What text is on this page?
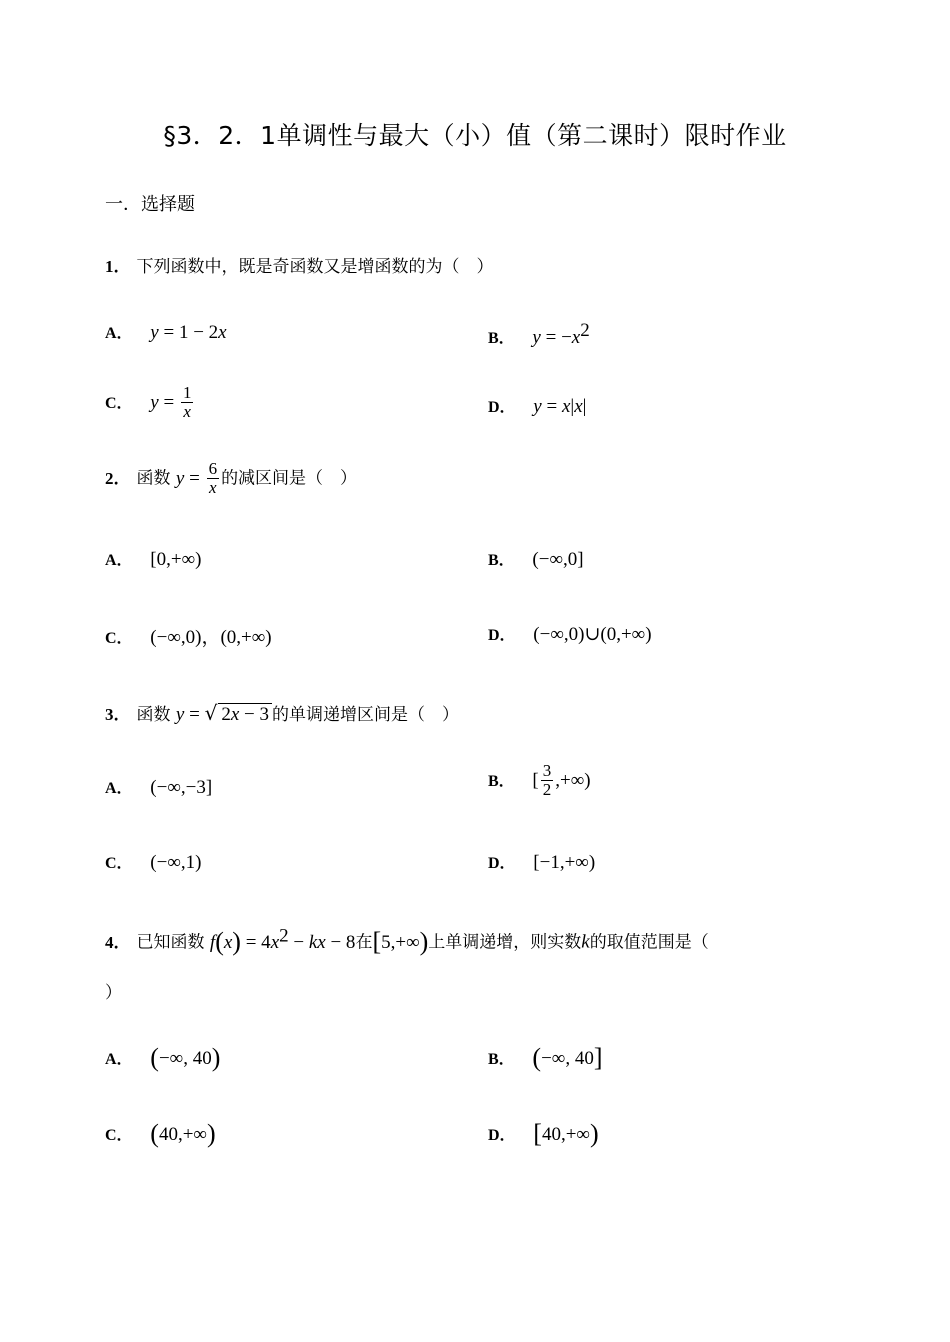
§3．2．1单调性与最大（小）值（第二课时）限时作业
一．选择题
1． 下列函数中，既是奇函数又是增函数的为（　）
A． y = 1 − 2x	B． $y = -x^2$
C． $y = \frac{1}{x}$	D． y = x|x|
2． 函数 $y = \frac{6}{x}$ 的减区间是（　）
A． [0,+∞)	B． (−∞,0]
C． (−∞,0)，(0,+∞)	D． (−∞,0)∪(0,+∞)
3． 函数 y = √ 2x − 3 的单调递增区间是（　）
A． (−∞,−3]	B． [ $\frac{3}{2}$ ,+∞)
C． (−∞,1)	D． [−1,+∞)
4． 已知函数 $f(x) = 4x^2$ − kx − 8在[5,+∞)上单调递增，则实数k的取值范围是（
）
A． (−∞, 40)	B． (−∞, 40]
C． (40,+∞)	D． [40,+∞)
